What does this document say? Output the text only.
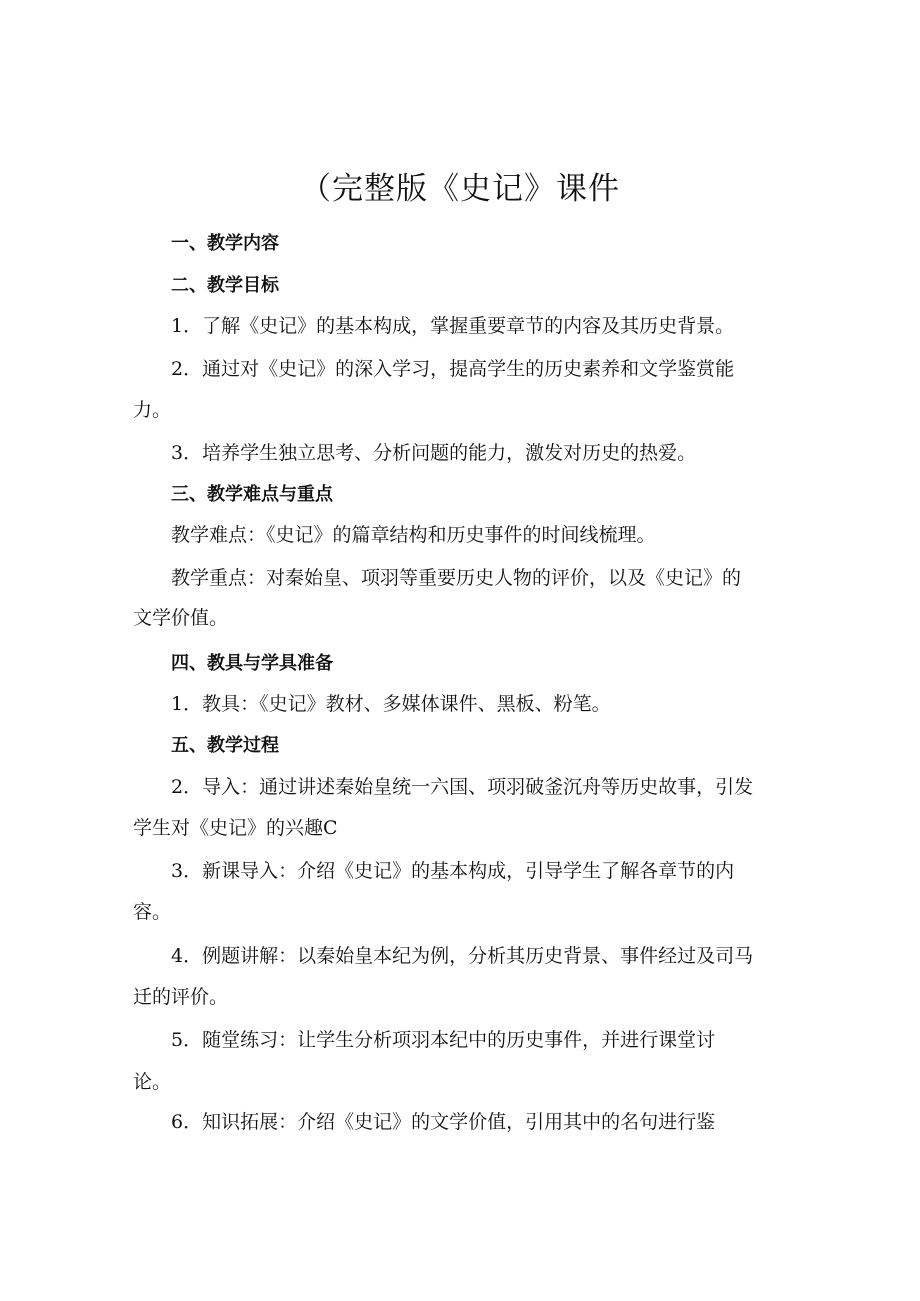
（完整版《史记》课件

一、教学内容

二、教学目标

1．了解《史记》的基本构成，掌握重要章节的内容及其历史背景。

2．通过对《史记》的深入学习，提高学生的历史素养和文学鉴赏能

力。

3．培养学生独立思考、分析问题的能力，激发对历史的热爱。

三、教学难点与重点

教学难点：《史记》的篇章结构和历史事件的时间线梳理。

教学重点：对秦始皇、项羽等重要历史人物的评价，以及《史记》的

文学价值。

四、教具与学具准备

1．教具：《史记》教材、多媒体课件、黑板、粉笔。

五、教学过程

2．导入：通过讲述秦始皇统一六国、项羽破釜沉舟等历史故事，引发

学生对《史记》的兴趣C

3．新课导入：介绍《史记》的基本构成，引导学生了解各章节的内

容。

4．例题讲解：以秦始皇本纪为例，分析其历史背景、事件经过及司马

迁的评价。

5．随堂练习：让学生分析项羽本纪中的历史事件，并进行课堂讨

论。

6．知识拓展：介绍《史记》的文学价值，引用其中的名句进行鉴
